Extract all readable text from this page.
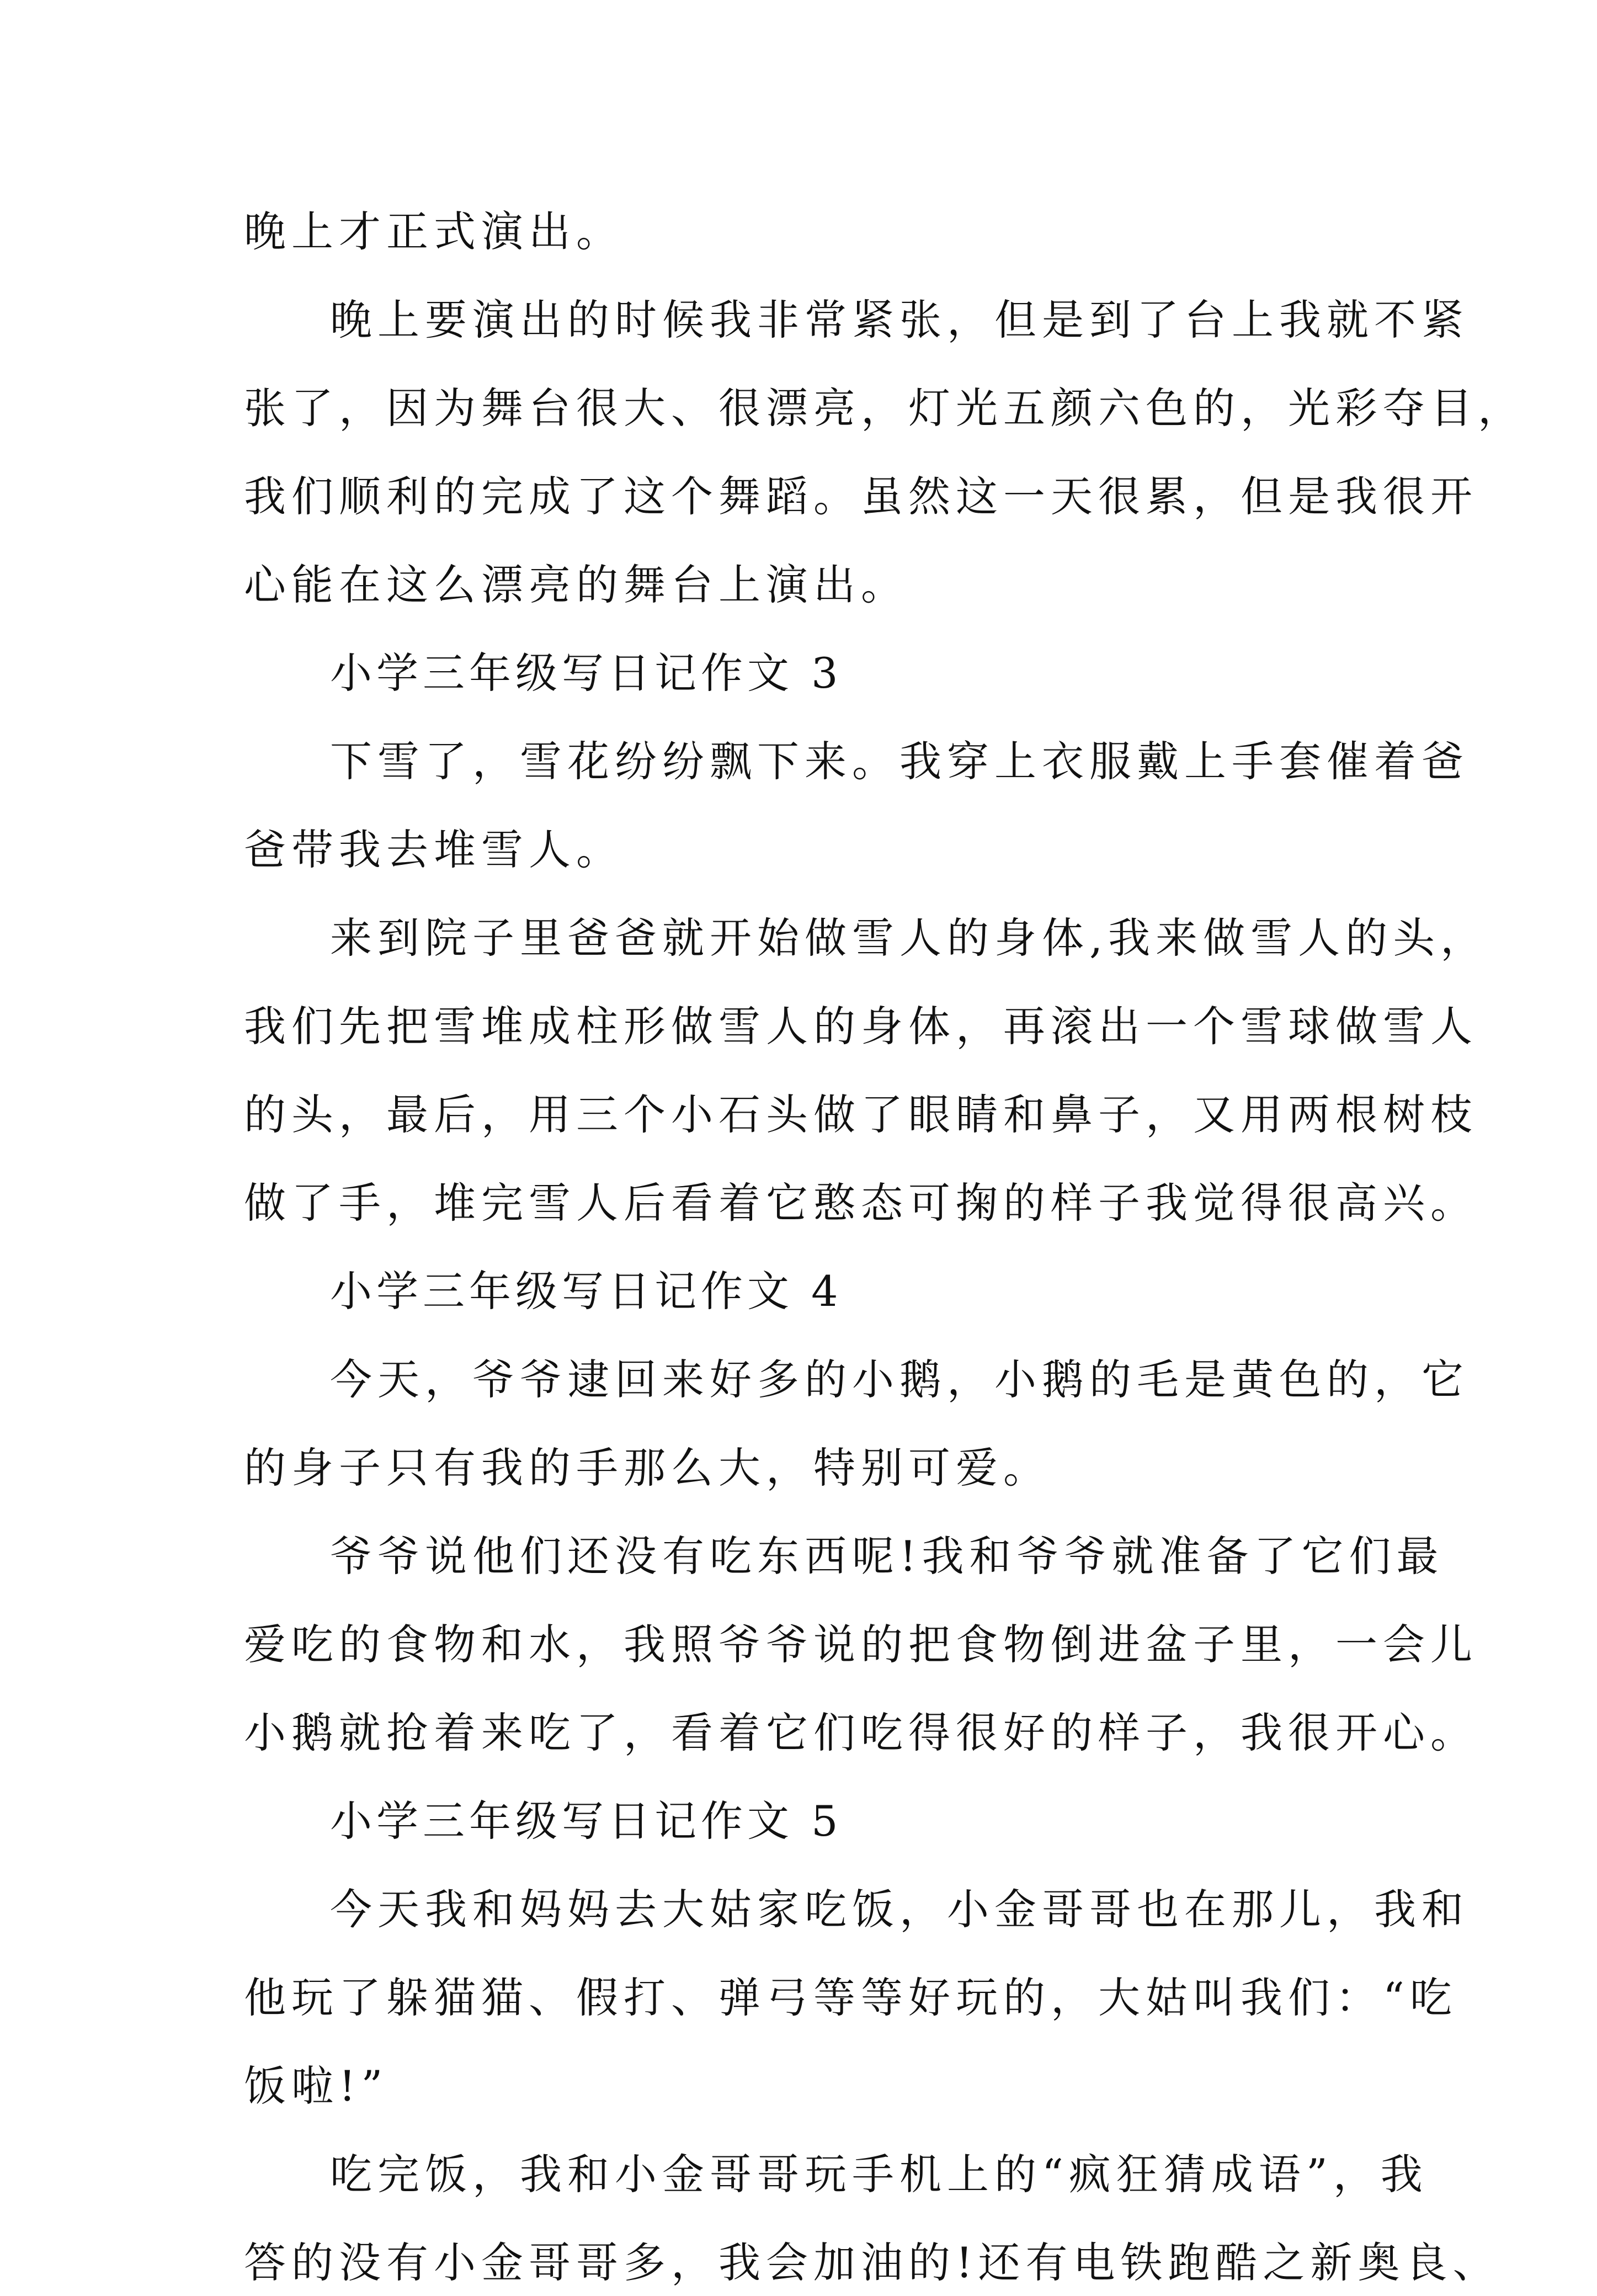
晚上才正式演出。
晚上要演出的时候我非常紧张，但是到了台上我就不紧
张了，因为舞台很大、很漂亮，灯光五颜六色的，光彩夺目，
我们顺利的完成了这个舞蹈。虽然这一天很累，但是我很开
心能在这么漂亮的舞台上演出。
小学三年级写日记作文 3
下雪了，雪花纷纷飘下来。我穿上衣服戴上手套催着爸
爸带我去堆雪人。
来到院子里爸爸就开始做雪人的身体,我来做雪人的头，
我们先把雪堆成柱形做雪人的身体，再滚出一个雪球做雪人
的头，最后，用三个小石头做了眼睛和鼻子，又用两根树枝
做了手，堆完雪人后看着它憨态可掬的样子我觉得很高兴。
小学三年级写日记作文 4
今天，爷爷逮回来好多的小鹅，小鹅的毛是黄色的，它
的身子只有我的手那么大，特别可爱。
爷爷说他们还没有吃东西呢!我和爷爷就准备了它们最
爱吃的食物和水，我照爷爷说的把食物倒进盆子里，一会儿
小鹅就抢着来吃了，看着它们吃得很好的样子，我很开心。
小学三年级写日记作文 5
今天我和妈妈去大姑家吃饭，小金哥哥也在那儿，我和
他玩了躲猫猫、假打、弹弓等等好玩的，大姑叫我们：“吃
饭啦!”
吃完饭，我和小金哥哥玩手机上的“疯狂猜成语”，我
答的没有小金哥哥多，我会加油的!还有电铁跑酷之新奥良、
